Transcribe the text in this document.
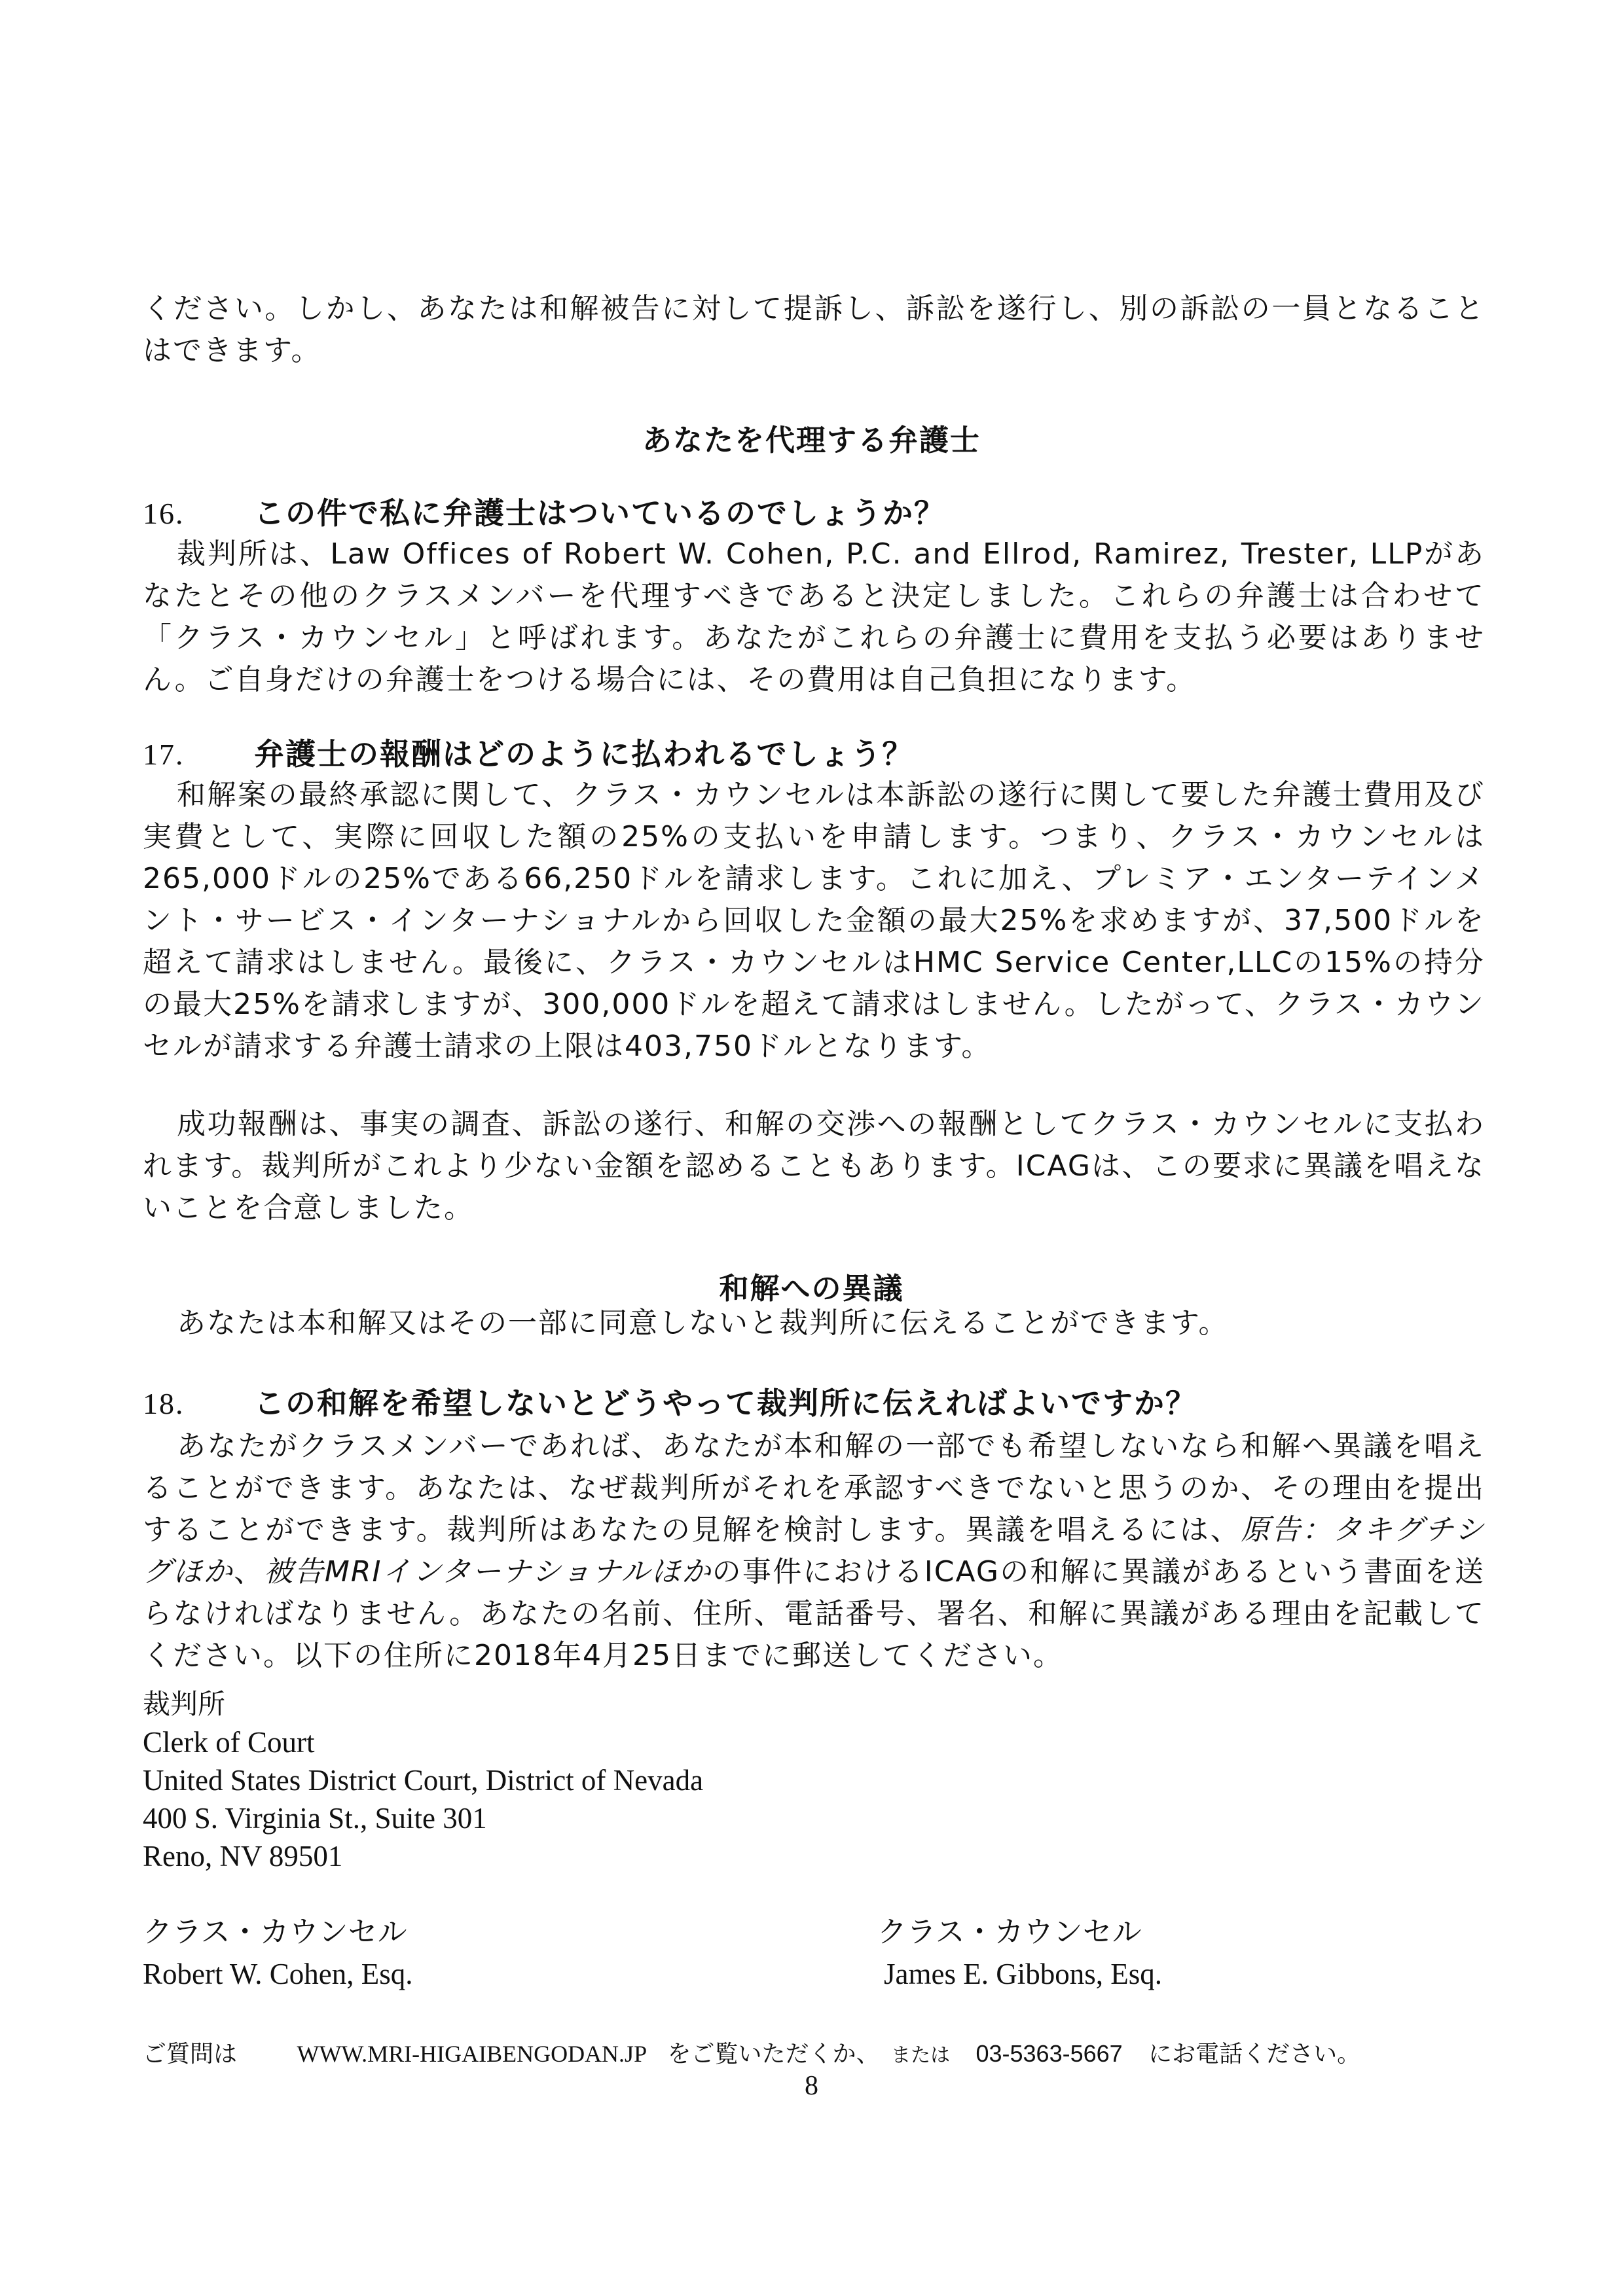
ください。しかし、あなたは和解被告に対して提訴し、訴訟を遂行し、別の訴訟の一員となることはできます。

あなたを代理する弁護士
16. この件で私に弁護士はついているのでしょうか？

裁判所は、Law Offices of Robert W. Cohen, P.C. and Ellrod, Ramirez, Trester, LLPがあなたとその他のクラスメンバーを代理すべきであると決定しました。これらの弁護士は合わせて「クラス・カウンセル」と呼ばれます。あなたがこれらの弁護士に費用を支払う必要はありません。ご自身だけの弁護士をつける場合には、その費用は自己負担になります。

17. 弁護士の報酬はどのように払われるでしょう？

和解案の最終承認に関して、クラス・カウンセルは本訴訟の遂行に関して要した弁護士費用及び実費として、実際に回収した額の25%の支払いを申請します。つまり、クラス・カウンセルは265,000ドルの25%である66,250ドルを請求します。これに加え、プレミア・エンターテインメント・サービス・インターナショナルから回収した金額の最大25%を求めますが、37,500ドルを超えて請求はしません。最後に、クラス・カウンセルはHMC Service Center,LLCの15%の持分の最大25%を請求しますが、300,000ドルを超えて請求はしません。したがって、クラス・カウンセルが請求する弁護士請求の上限は403,750ドルとなります。

成功報酬は、事実の調査、訴訟の遂行、和解の交渉への報酬としてクラス・カウンセルに支払われます。裁判所がこれより少ない金額を認めることもあります。ICAGは、この要求に異議を唱えないことを合意しました。

和解への異議

あなたは本和解又はその一部に同意しないと裁判所に伝えることができます。

18. この和解を希望しないとどうやって裁判所に伝えればよいですか？

あなたがクラスメンバーであれば、あなたが本和解の一部でも希望しないなら和解へ異議を唱えることができます。あなたは、なぜ裁判所がそれを承認すべきでないと思うのか、その理由を提出することができます。裁判所はあなたの見解を検討します。異議を唱えるには、原告：タキグチシグほか、被告MRIインターナショナルほかの事件におけるICAGの和解に異議があるという書面を送らなければなりません。あなたの名前、住所、電話番号、署名、和解に異議がある理由を記載してください。以下の住所に2018年4月25日までに郵送してください。

裁判所
Clerk of Court
United States District Court, District of Nevada
400 S. Virginia St., Suite 301
Reno, NV 89501
クラス・カウンセル
Robert W. Cohen, Esq.
クラス・カウンセル
James E. Gibbons, Esq.
ご質問は	WWW.MRI-HIGAIBENGODAN.JP をご覧いただくか、 または 03-5363-5667 にお電話ください。
8
